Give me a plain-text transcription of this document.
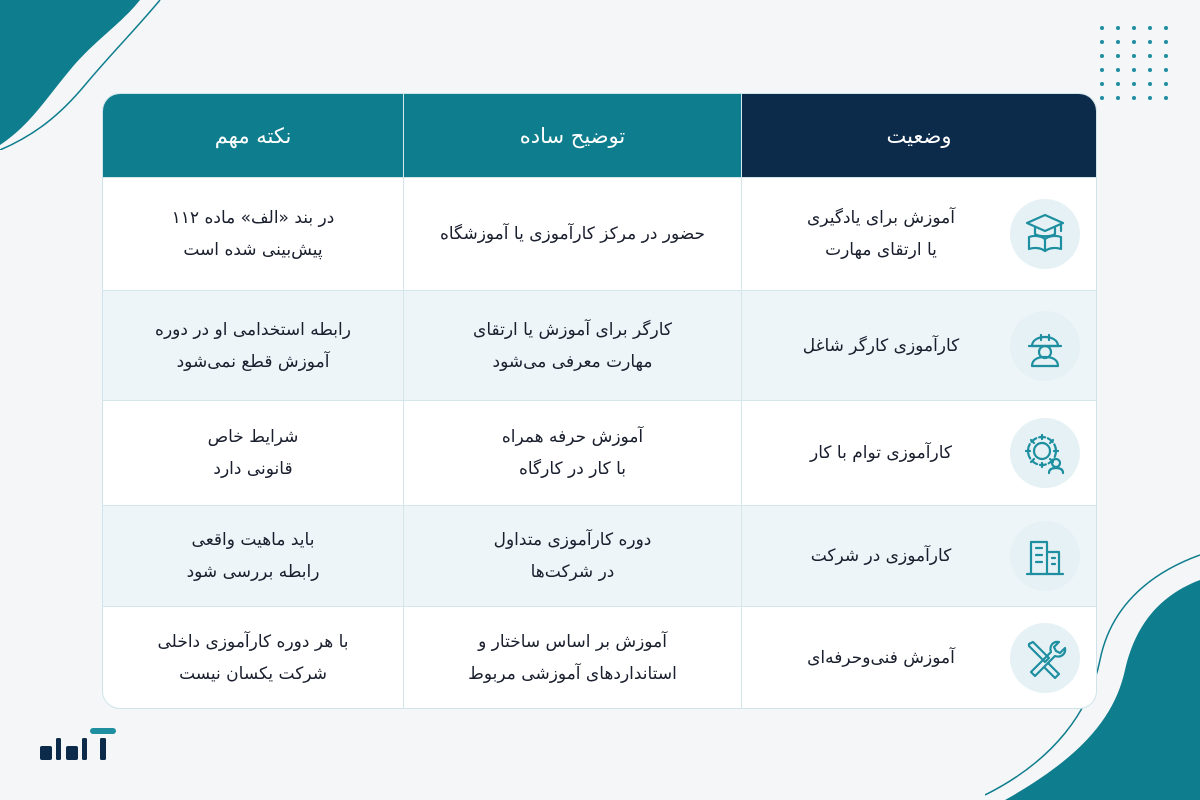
وضعیت
توضیح ساده
نکته مهم
آموزش برای یادگیری
یا ارتقای مهارت
حضور در مرکز کارآموزی یا آموزشگاه
در بند «الف» ماده ۱۱۲
پیش‌بینی شده است
کارآموزی کارگر شاغل
کارگر برای آموزش یا ارتقای
مهارت معرفی می‌شود
رابطه استخدامی او در دوره
آموزش قطع نمی‌شود
کارآموزی توام با کار
آموزش حرفه همراه
با کار در کارگاه
شرایط خاص
قانونی دارد
کارآموزی در شرکت
دوره کارآموزی متداول
در شرکت‌ها
باید ماهیت واقعی
رابطه بررسی شود
آموزش فنی‌وحرفه‌ای
آموزش بر اساس ساختار و
استانداردهای آموزشی مربوط
با هر دوره کارآموزی داخلی
شرکت یکسان نیست
